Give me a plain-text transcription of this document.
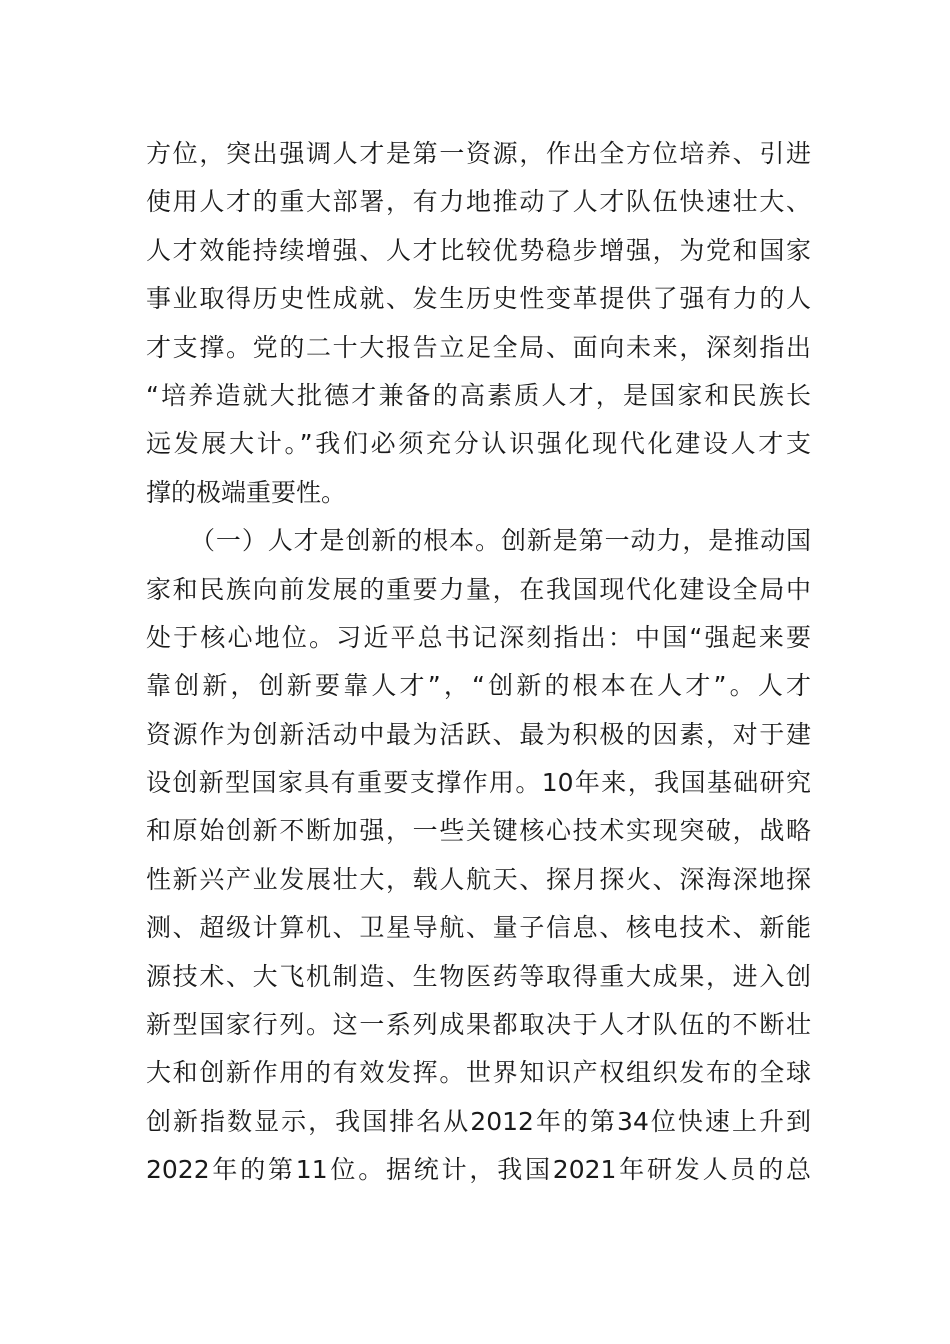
方位，突出强调人才是第一资源，作出全方位培养、引进
使用人才的重大部署，有力地推动了人才队伍快速壮大、
人才效能持续增强、人才比较优势稳步增强，为党和国家
事业取得历史性成就、发生历史性变革提供了强有力的人
才支撑。党的二十大报告立足全局、面向未来，深刻指出
“培养造就大批德才兼备的高素质人才，是国家和民族长
远发展大计。”我们必须充分认识强化现代化建设人才支
撑的极端重要性。
（一）人才是创新的根本。创新是第一动力，是推动国
家和民族向前发展的重要力量，在我国现代化建设全局中
处于核心地位。习近平总书记深刻指出：中国“强起来要
靠创新，创新要靠人才”，“创新的根本在人才”。人才
资源作为创新活动中最为活跃、最为积极的因素，对于建
设创新型国家具有重要支撑作用。10年来，我国基础研究
和原始创新不断加强，一些关键核心技术实现突破，战略
性新兴产业发展壮大，载人航天、探月探火、深海深地探
测、超级计算机、卫星导航、量子信息、核电技术、新能
源技术、大飞机制造、生物医药等取得重大成果，进入创
新型国家行列。这一系列成果都取决于人才队伍的不断壮
大和创新作用的有效发挥。世界知识产权组织发布的全球
创新指数显示，我国排名从2012年的第34位快速上升到
2022年的第11位。据统计，我国2021年研发人员的总
